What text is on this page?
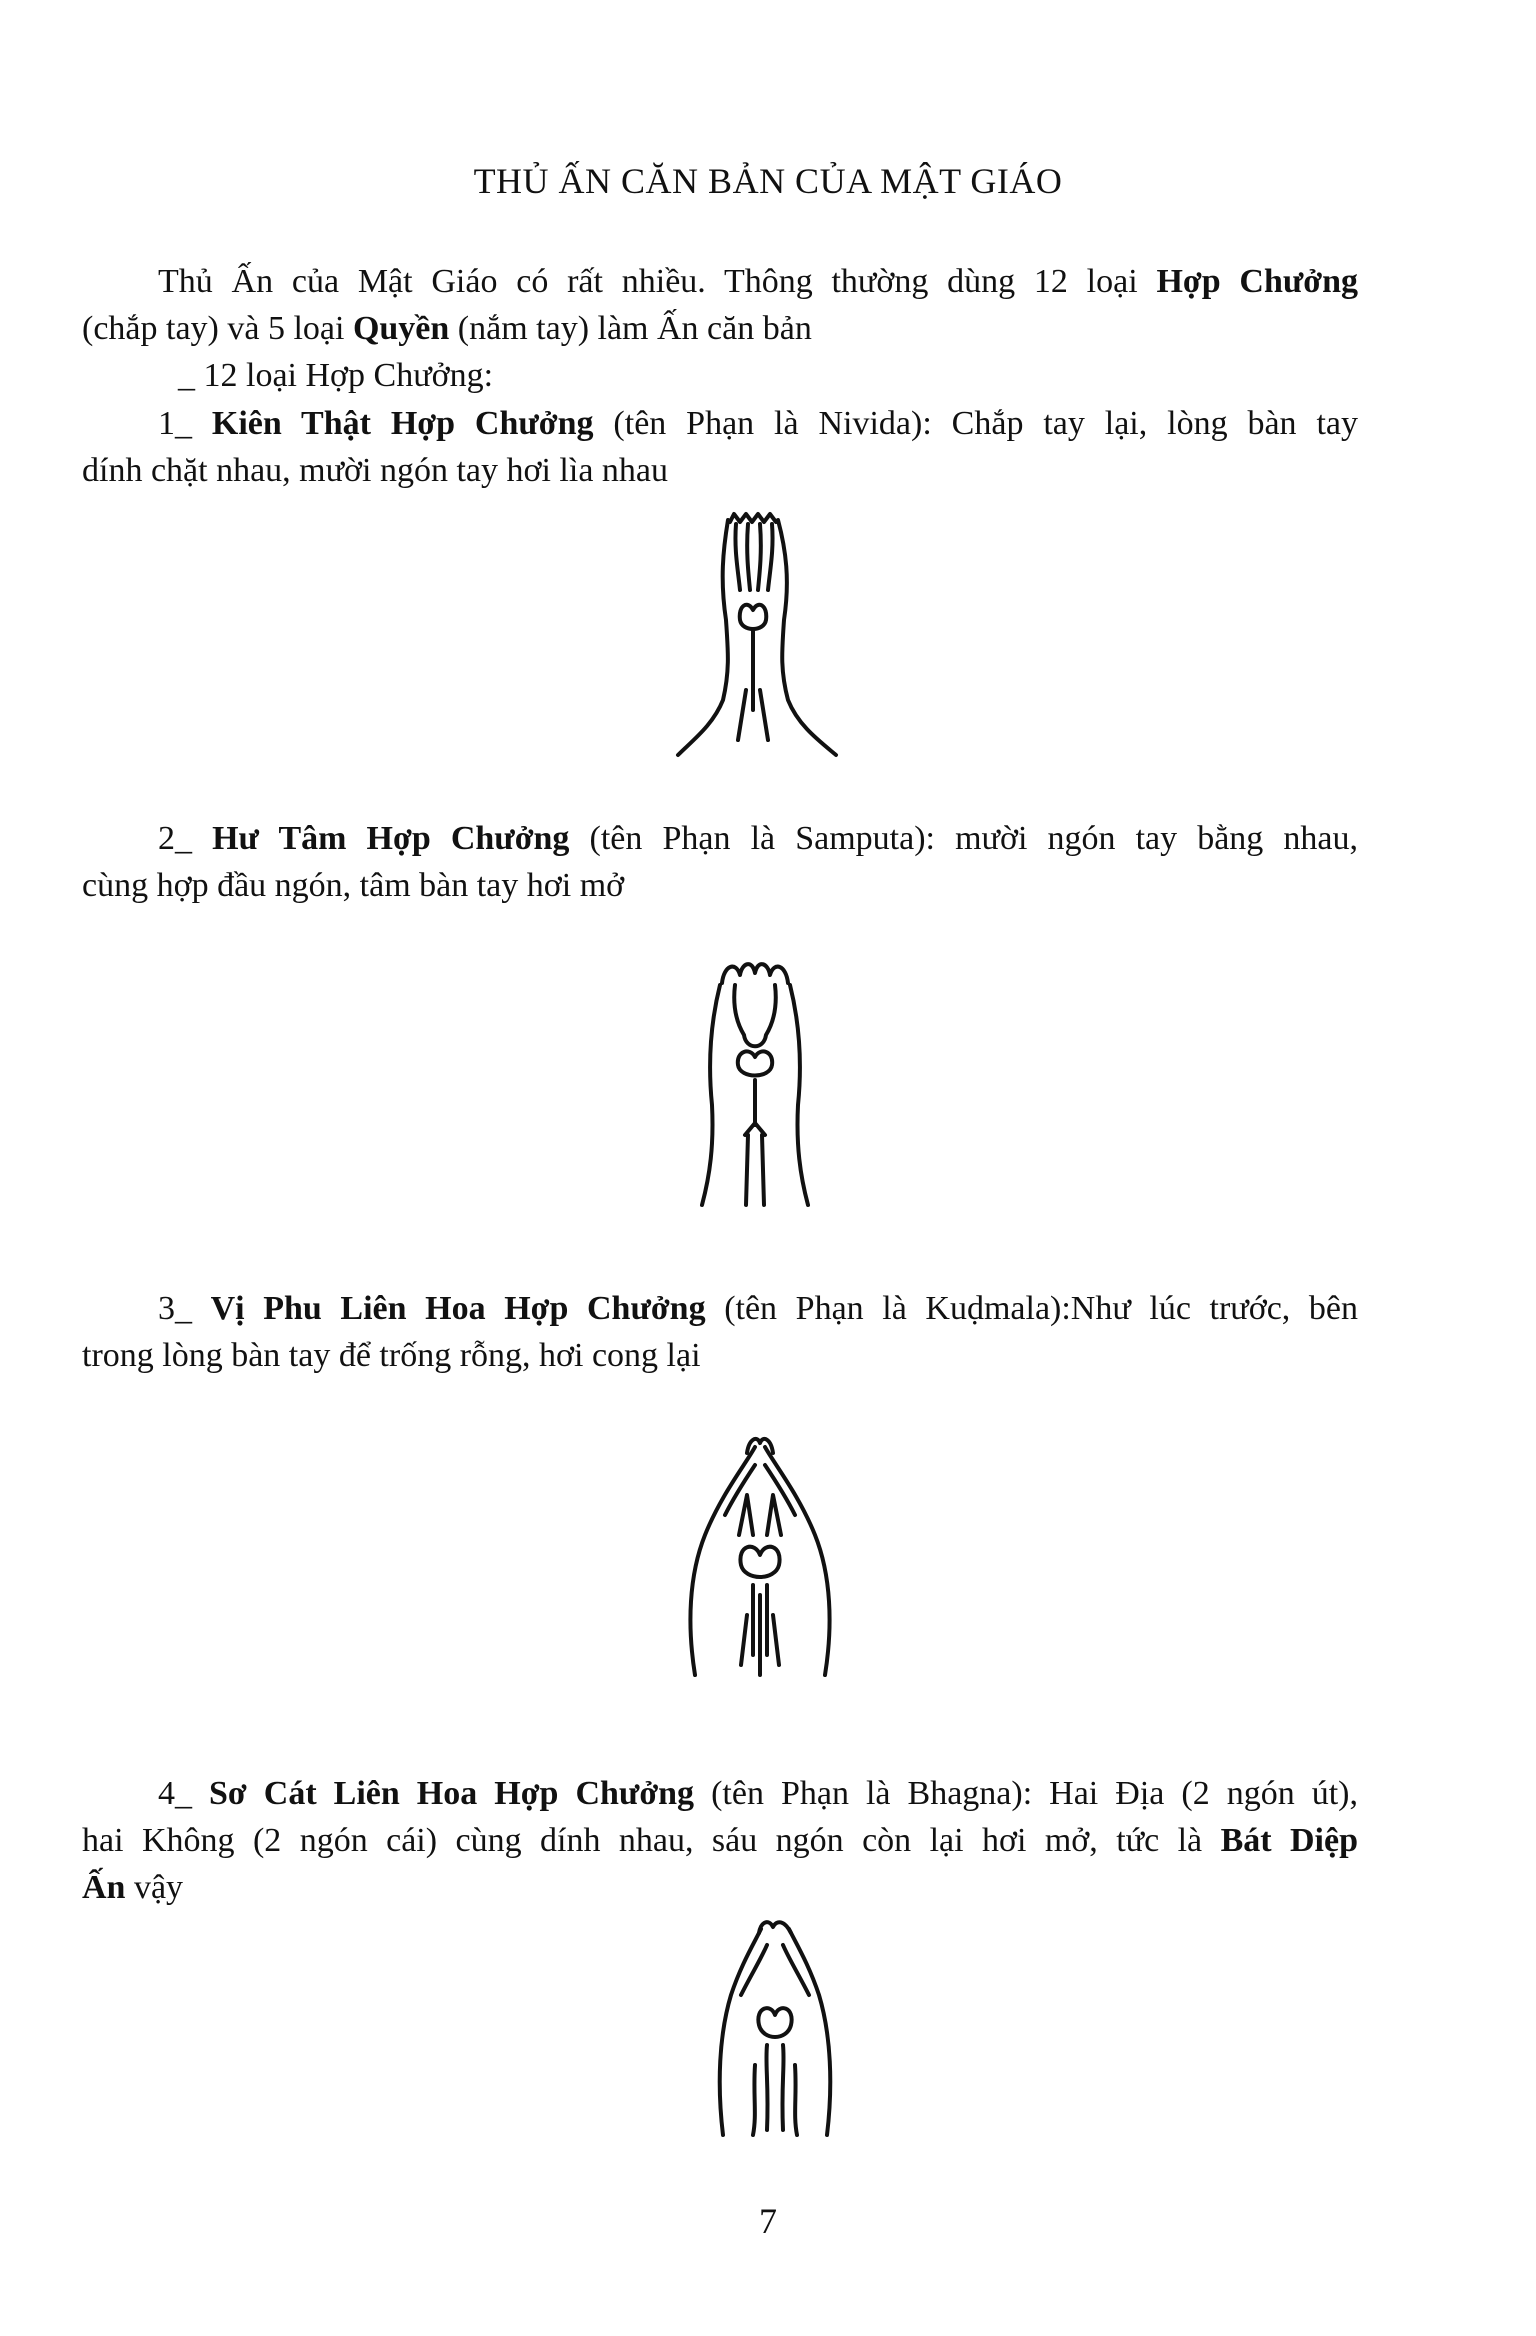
THỦ ẤN CĂN BẢN CỦA MẬT GIÁO
Thủ Ấn của Mật Giáo có rất nhiều. Thông thường dùng 12 loại Hợp Chưởng
(chắp tay) và 5 loại Quyền (nắm tay) làm Ấn căn bản
_ 12 loại Hợp Chưởng:
1_ Kiên Thật Hợp Chưởng (tên Phạn là Nivida): Chắp tay lại, lòng bàn tay
dính chặt nhau, mười ngón tay hơi lìa nhau
2_ Hư Tâm Hợp Chưởng (tên Phạn là Samputa): mười ngón tay bằng nhau,
cùng hợp đầu ngón, tâm bàn tay hơi mở
3_ Vị Phu Liên Hoa Hợp Chưởng (tên Phạn là Kuḍmala):Như lúc trước, bên
trong lòng bàn tay để trống rỗng, hơi cong lại
4_ Sơ Cát Liên Hoa Hợp Chưởng (tên Phạn là Bhagna): Hai Địa (2 ngón út),
hai Không (2 ngón cái) cùng dính nhau, sáu ngón còn lại hơi mở, tức là Bát Diệp
Ấn vậy
7
